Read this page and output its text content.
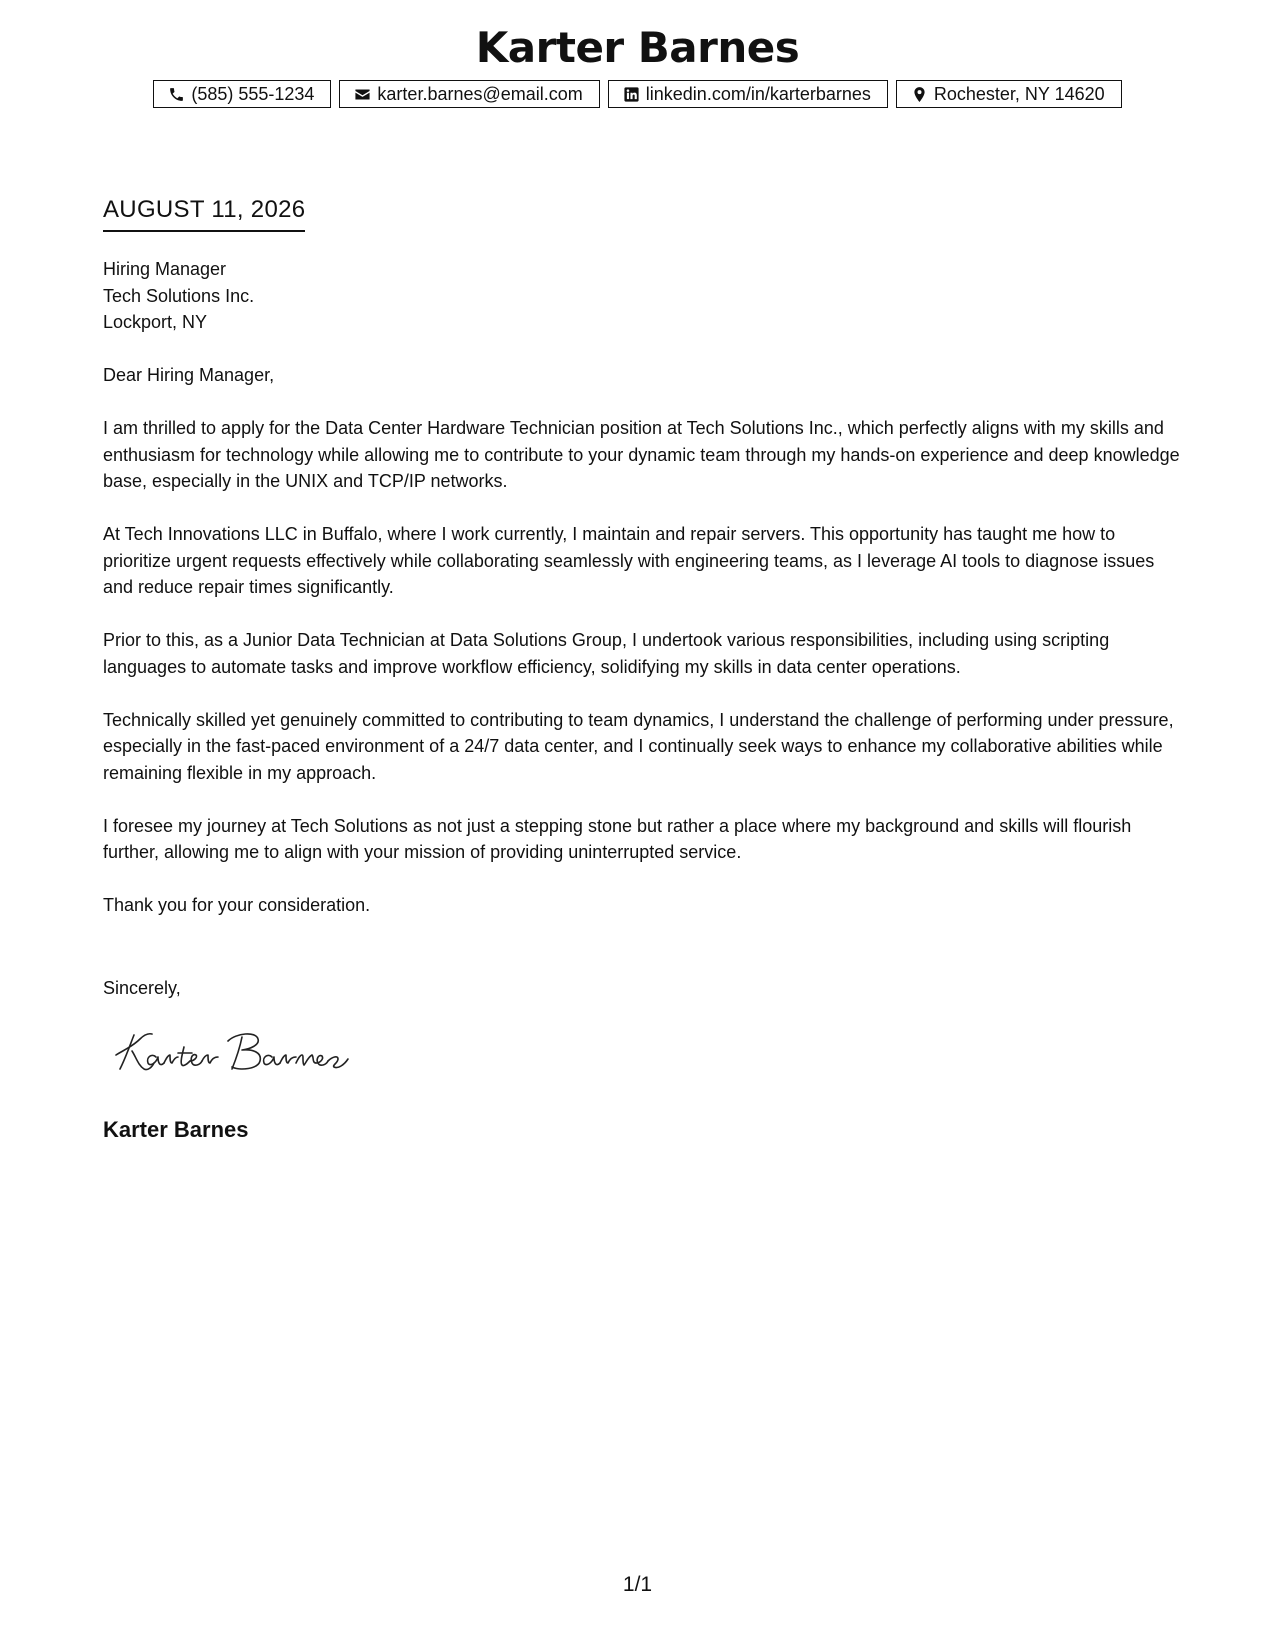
Karter Barnes
(585) 555-1234	karter.barnes@email.com	linkedin.com/in/karterbarnes	Rochester, NY 14620
AUGUST 11, 2026
Hiring Manager
Tech Solutions Inc.
Lockport, NY

Dear Hiring Manager,

I am thrilled to apply for the Data Center Hardware Technician position at Tech Solutions Inc., which perfectly aligns with my skills and enthusiasm for technology while allowing me to contribute to your dynamic team through my hands-on experience and deep knowledge base, especially in the UNIX and TCP/IP networks.

At Tech Innovations LLC in Buffalo, where I work currently, I maintain and repair servers. This opportunity has taught me how to prioritize urgent requests effectively while collaborating seamlessly with engineering teams, as I leverage AI tools to diagnose issues and reduce repair times significantly.

Prior to this, as a Junior Data Technician at Data Solutions Group, I undertook various responsibilities, including using scripting languages to automate tasks and improve workflow efficiency, solidifying my skills in data center operations.

Technically skilled yet genuinely committed to contributing to team dynamics, I understand the challenge of performing under pressure, especially in the fast-paced environment of a 24/7 data center, and I continually seek ways to enhance my collaborative abilities while remaining flexible in my approach.

I foresee my journey at Tech Solutions as not just a stepping stone but rather a place where my background and skills will flourish further, allowing me to align with your mission of providing uninterrupted service.

Thank you for your consideration.

Sincerely,
Karter Barnes
1/1
